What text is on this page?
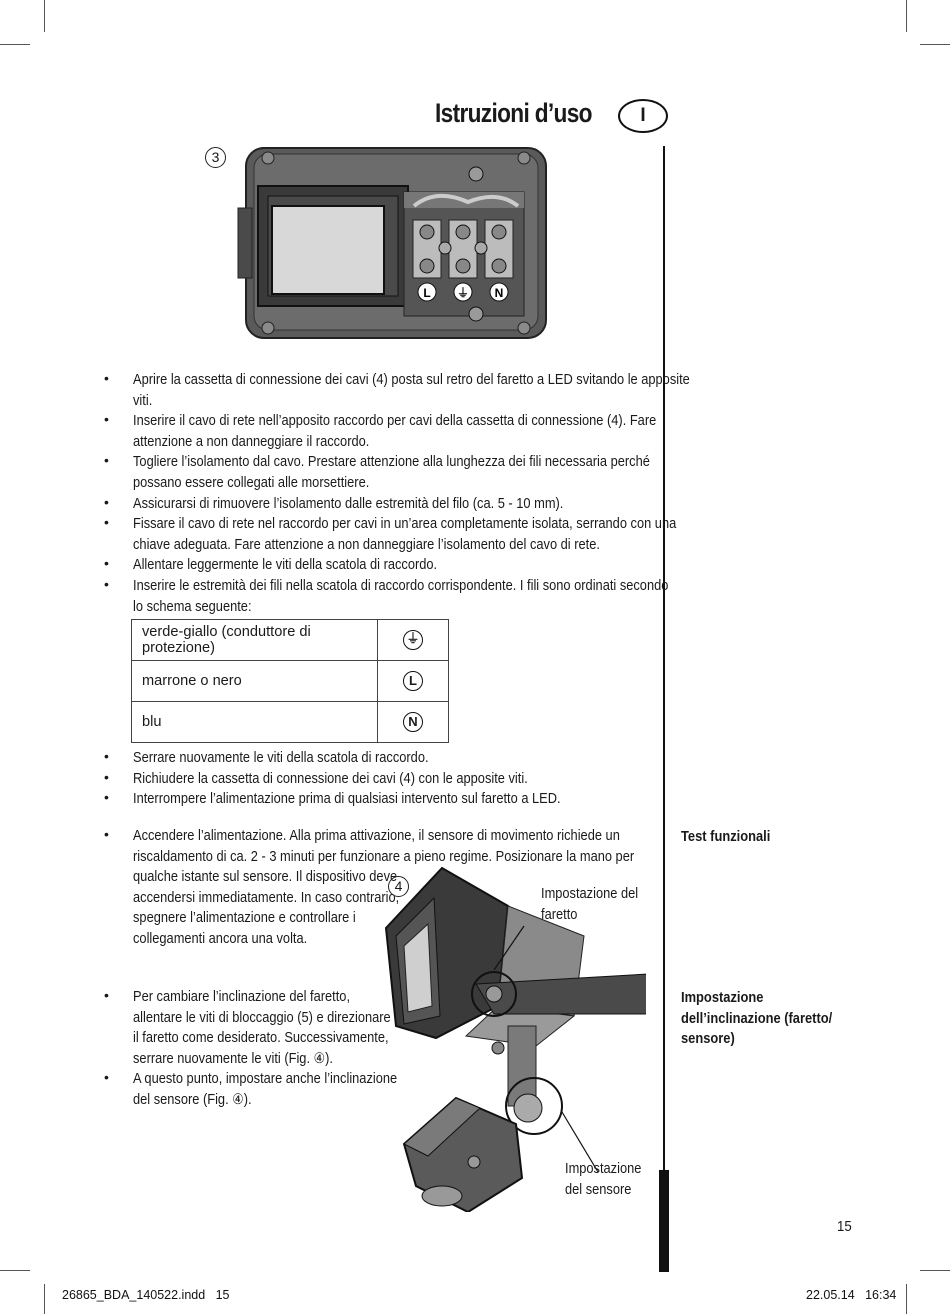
Istruzioni d’uso	I
3
L ⏚ N
•	Aprire la cassetta di connessione dei cavi (4) posta sul retro del faretto a LED svitando le apposite
viti.
•	Inserire il cavo di rete nell’apposito raccordo per cavi della cassetta di connessione (4). Fare
attenzione a non danneggiare il raccordo.
•	Togliere l’isolamento dal cavo. Prestare attenzione alla lunghezza dei fili necessaria perché
possano essere collegati alle morsettiere.
•	Assicurarsi di rimuovere l’isolamento dalle estremità del filo (ca. 5 - 10 mm).
•	Fissare il cavo di rete nel raccordo per cavi in un’area completamente isolata, serrando con una
chiave adeguata. Fare attenzione a non danneggiare l’isolamento del cavo di rete.
•	Allentare leggermente le viti della scatola di raccordo.
•	Inserire le estremità dei fili nella scatola di raccordo corrispondente. I fili sono ordinati secondo
lo schema seguente:
verde-giallo (conduttore di protezione)	⏚
marrone o nero	L
blu	N
•	Serrare nuovamente le viti della scatola di raccordo.
•	Richiudere la cassetta di connessione dei cavi (4) con le apposite viti.
•	Interrompere l’alimentazione prima di qualsiasi intervento sul faretto a LED.
Test funzionali
•	Accendere l’alimentazione. Alla prima attivazione, il sensore di movimento richiede un
riscaldamento di ca. 2 - 3 minuti per funzionare a pieno regime. Posizionare la mano per
qualche istante sul sensore. Il dispositivo deve
accendersi immediatamente. In caso contrario,
spegnere l’alimentazione e controllare i
collegamenti ancora una volta.
4	Impostazione del
faretto
Impostazione
del sensore
Impostazione
dell’inclinazione (faretto/
sensore)
•	Per cambiare l’inclinazione del faretto,
allentare le viti di bloccaggio (5) e direzionare
il faretto come desiderato. Successivamente,
serrare nuovamente le viti (Fig. ④).
•	A questo punto, impostare anche l’inclinazione
del sensore (Fig. ④).
15
26865_BDA_140522.indd   15	22.05.14   16:34
